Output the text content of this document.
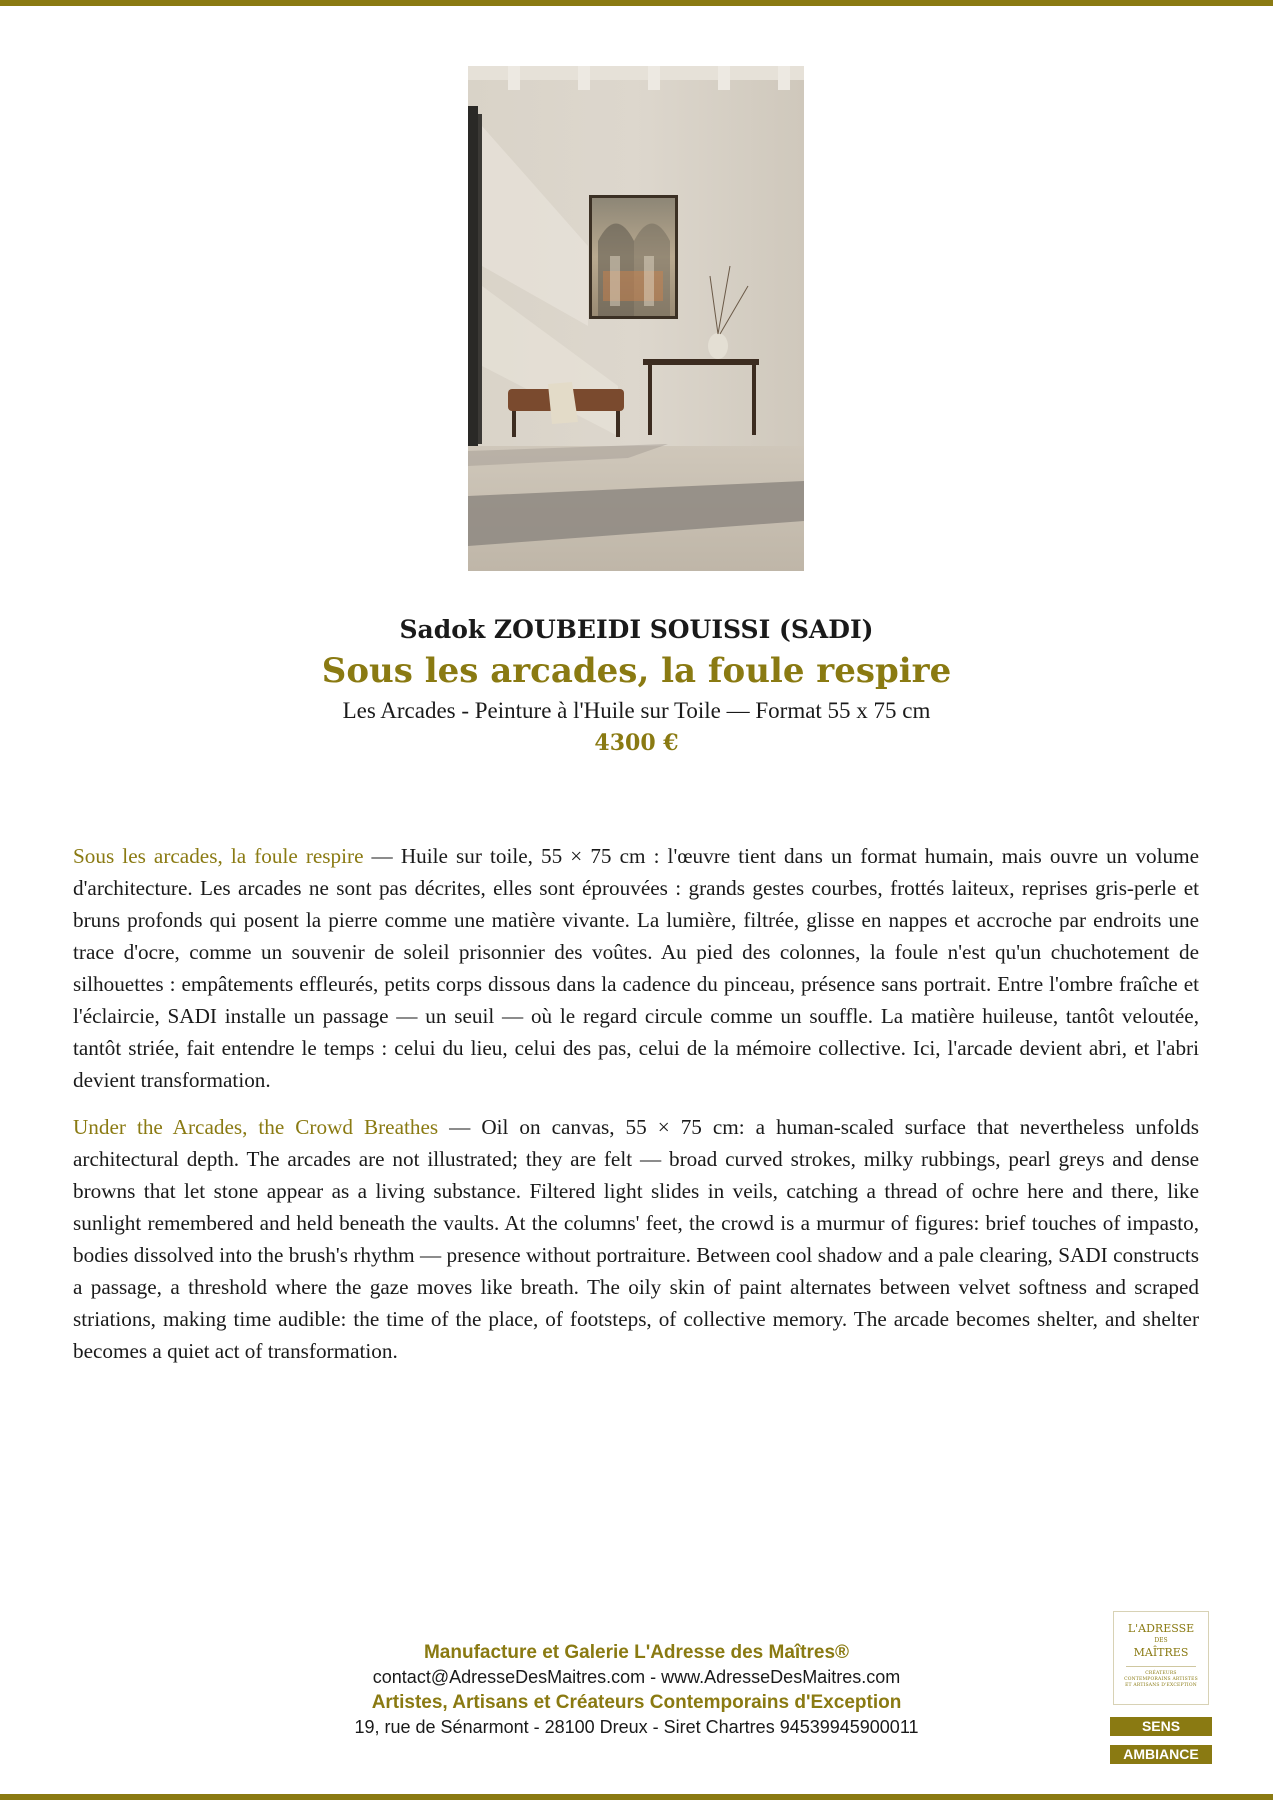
Sadok ZOUBEIDI SOUISSI (SADI)

Sous les arcades, la foule respire

Les Arcades - Peinture à l'Huile sur Toile — Format 55 x 75 cm

4300 €

Sous les arcades, la foule respire — Huile sur toile, 55 × 75 cm : l'œuvre tient dans un format humain, mais ouvre un volume d'architecture. Les arcades ne sont pas décrites, elles sont éprouvées : grands gestes courbes, frottés laiteux, reprises gris-perle et bruns profonds qui posent la pierre comme une matière vivante. La lumière, filtrée, glisse en nappes et accroche par endroits une trace d'ocre, comme un souvenir de soleil prisonnier des voûtes. Au pied des colonnes, la foule n'est qu'un chuchotement de silhouettes : empâtements effleurés, petits corps dissous dans la cadence du pinceau, présence sans portrait. Entre l'ombre fraîche et l'éclaircie, SADI installe un passage — un seuil — où le regard circule comme un souffle. La matière huileuse, tantôt veloutée, tantôt striée, fait entendre le temps : celui du lieu, celui des pas, celui de la mémoire collective. Ici, l'arcade devient abri, et l'abri devient transformation.

Under the Arcades, the Crowd Breathes — Oil on canvas, 55 × 75 cm: a human-scaled surface that nevertheless unfolds architectural depth. The arcades are not illustrated; they are felt — broad curved strokes, milky rubbings, pearl greys and dense browns that let stone appear as a living substance. Filtered light slides in veils, catching a thread of ochre here and there, like sunlight remembered and held beneath the vaults. At the columns' feet, the crowd is a murmur of figures: brief touches of impasto, bodies dissolved into the brush's rhythm — presence without portraiture. Between cool shadow and a pale clearing, SADI constructs a passage, a threshold where the gaze moves like breath. The oily skin of paint alternates between velvet softness and scraped striations, making time audible: the time of the place, of footsteps, of collective memory. The arcade becomes shelter, and shelter becomes a quiet act of transformation.

Manufacture et Galerie L'Adresse des Maîtres®

contact@AdresseDesMaitres.com - www.AdresseDesMaitres.com

Artistes, Artisans et Créateurs Contemporains d'Exception

19, rue de Sénarmont - 28100 Dreux - Siret Chartres 94539945900011

L'ADRESSE
DES
MAÎTRES
CRÉATEURS CONTEMPORAINS ARTISTES ET ARTISANS D'EXCEPTION
SENS
AMBIANCE
